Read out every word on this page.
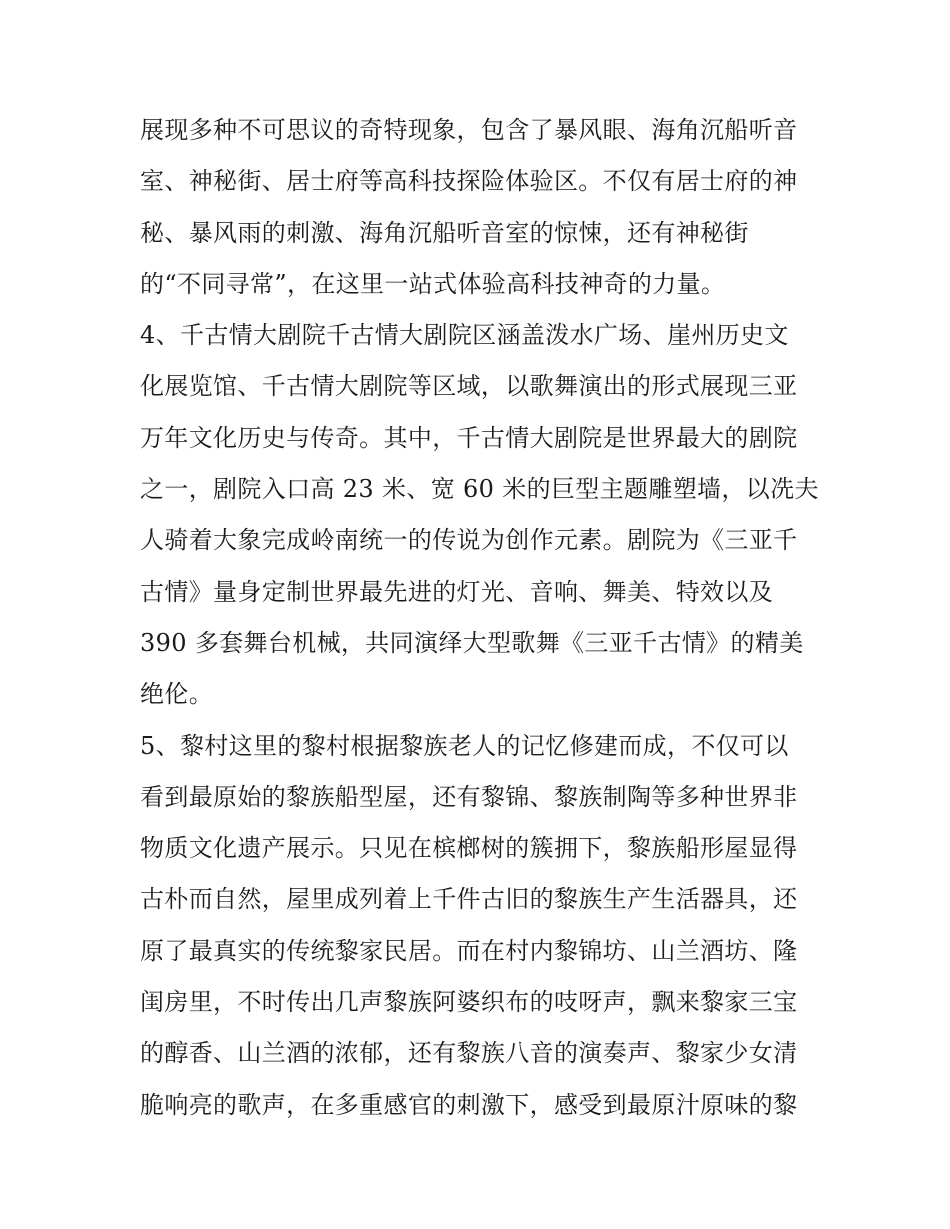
展现多种不可思议的奇特现象，包含了暴风眼、海角沉船听音
室、神秘街、居士府等高科技探险体验区。不仅有居士府的神
秘、暴风雨的刺激、海角沉船听音室的惊悚，还有神秘街
的“不同寻常”，在这里一站式体验高科技神奇的力量。
4、千古情大剧院千古情大剧院区涵盖泼水广场、崖州历史文
化展览馆、千古情大剧院等区域，以歌舞演出的形式展现三亚
万年文化历史与传奇。其中，千古情大剧院是世界最大的剧院
之一，剧院入口高 23 米、宽 60 米的巨型主题雕塑墙，以冼夫
人骑着大象完成岭南统一的传说为创作元素。剧院为《三亚千
古情》量身定制世界最先进的灯光、音响、舞美、特效以及
390 多套舞台机械，共同演绎大型歌舞《三亚千古情》的精美
绝伦。
5、黎村这里的黎村根据黎族老人的记忆修建而成，不仅可以
看到最原始的黎族船型屋，还有黎锦、黎族制陶等多种世界非
物质文化遗产展示。只见在槟榔树的簇拥下，黎族船形屋显得
古朴而自然，屋里成列着上千件古旧的黎族生产生活器具，还
原了最真实的传统黎家民居。而在村内黎锦坊、山兰酒坊、隆
闺房里，不时传出几声黎族阿婆织布的吱呀声，飘来黎家三宝
的醇香、山兰酒的浓郁，还有黎族八音的演奏声、黎家少女清
脆响亮的歌声，在多重感官的刺激下，感受到最原汁原味的黎
